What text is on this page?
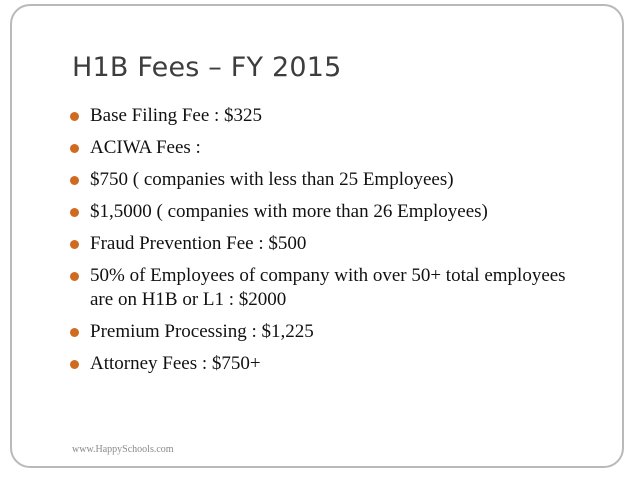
H1B Fees – FY 2015
Base Filing Fee : $325
ACIWA Fees :
$750 ( companies with less than 25 Employees)
$1,5000 ( companies with more than 26 Employees)
Fraud Prevention Fee : $500
50% of Employees of company with over 50+ total employees are on H1B or L1 : $2000
Premium Processing : $1,225
Attorney Fees : $750+
www.HappySchools.com
